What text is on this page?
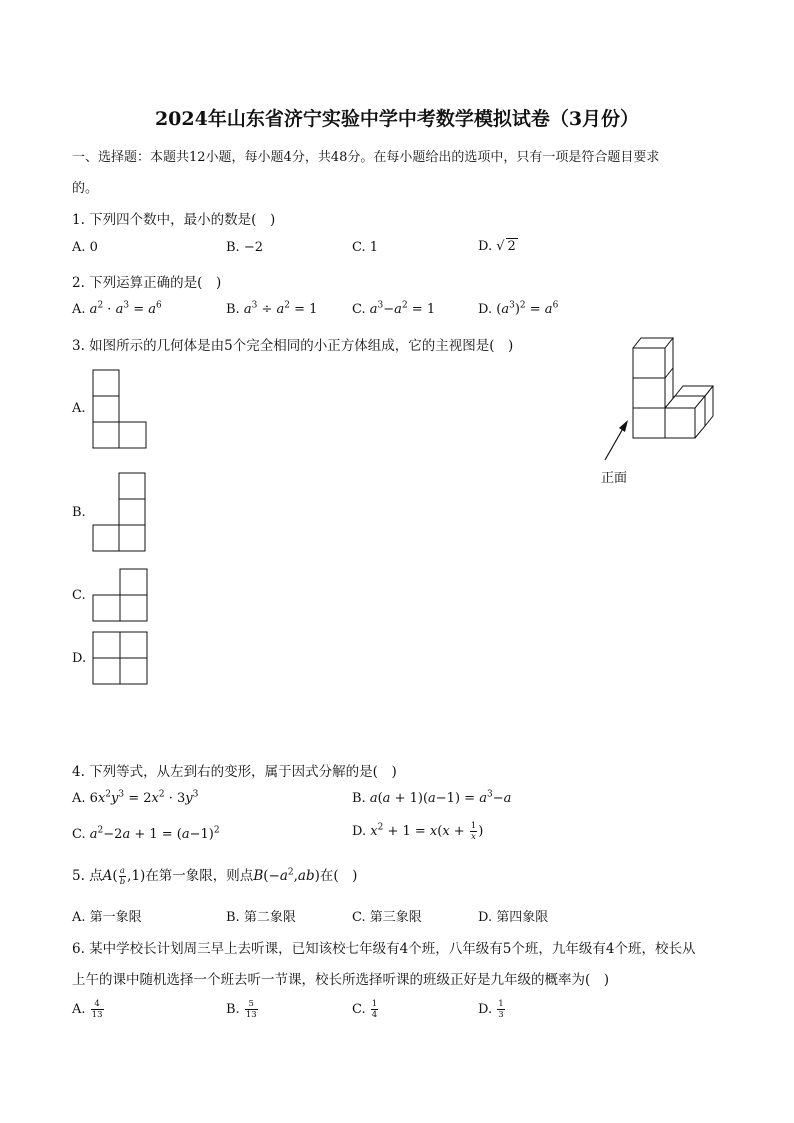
2024年山东省济宁实验中学中考数学模拟试卷（3月份）
一、选择题：本题共12小题，每小题4分，共48分。在每小题给出的选项中，只有一项是符合题目要求
的。
1. 下列四个数中，最小的数是(　)
A. 0	B. −2	C. 1	D. √ 2
2. 下列运算正确的是(　)
A. $a^2 \cdot a^3 = a^6$	B. $a^3 \div a^2 = 1$	C. $a^3-a^2 = 1$	D. $(a^3)^2 = a^6$
3. 如图所示的几何体是由5个完全相同的小正方体组成，它的主视图是(　)
正面
A.
B.
C.
D.
4. 下列等式，从左到右的变形，属于因式分解的是(　)
A. $6x^2y^3 = 2x^2 \cdot 3y^3$	B. $a(a + 1)(a-1) = a^3-a$
C. $a^2-2a + 1 = (a-1)^2$	D. $x^2 + 1 = x(x + \frac{1}{x}$ )
5. 点$A( \frac{a}{b} ,1)$在第一象限，则点$B(-a^2,ab)$在(　)
A. 第一象限	B. 第二象限	C. 第三象限	D. 第四象限
6. 某中学校长计划周三早上去听课，已知该校七年级有4个班，八年级有5个班，九年级有4个班，校长从
上午的课中随机选择一个班去听一节课，校长所选择听课的班级正好是九年级的概率为(　)
A. $\frac{4}{13}$	B. $\frac{5}{13}$	C. $\frac{1}{4}$	D. $\frac{1}{3}$
